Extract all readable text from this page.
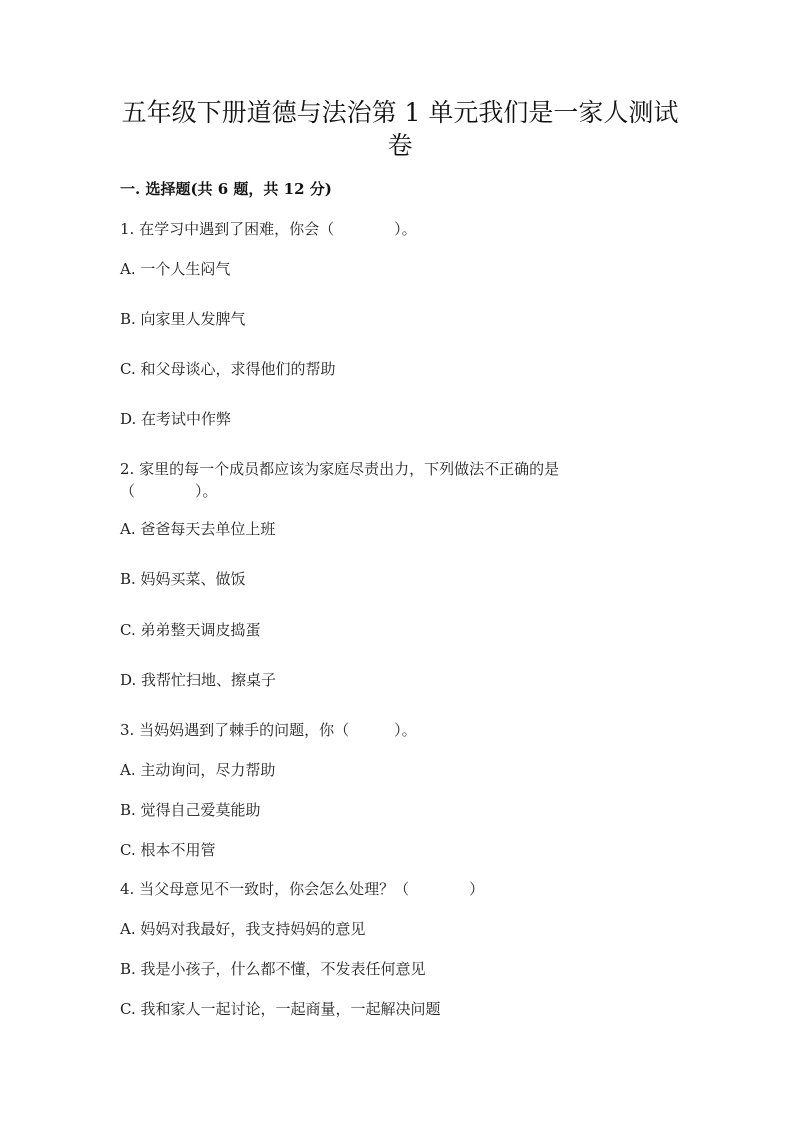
五年级下册道德与法治第 1 单元我们是一家人测试
卷
一. 选择题(共 6 题，共 12 分)
1. 在学习中遇到了困难，你会（　　　　）。
A. 一个人生闷气
B. 向家里人发脾气
C. 和父母谈心，求得他们的帮助
D. 在考试中作弊
2. 家里的每一个成员都应该为家庭尽责出力，下列做法不正确的是
（　　　　）。
A. 爸爸每天去单位上班
B. 妈妈买菜、做饭
C. 弟弟整天调皮捣蛋
D. 我帮忙扫地、擦桌子
3. 当妈妈遇到了棘手的问题，你（　　　）。
A. 主动询问，尽力帮助
B. 觉得自己爱莫能助
C. 根本不用管
4. 当父母意见不一致时，你会怎么处理？（　　　　）
A. 妈妈对我最好，我支持妈妈的意见
B. 我是小孩子，什么都不懂，不发表任何意见
C. 我和家人一起讨论，一起商量，一起解决问题
